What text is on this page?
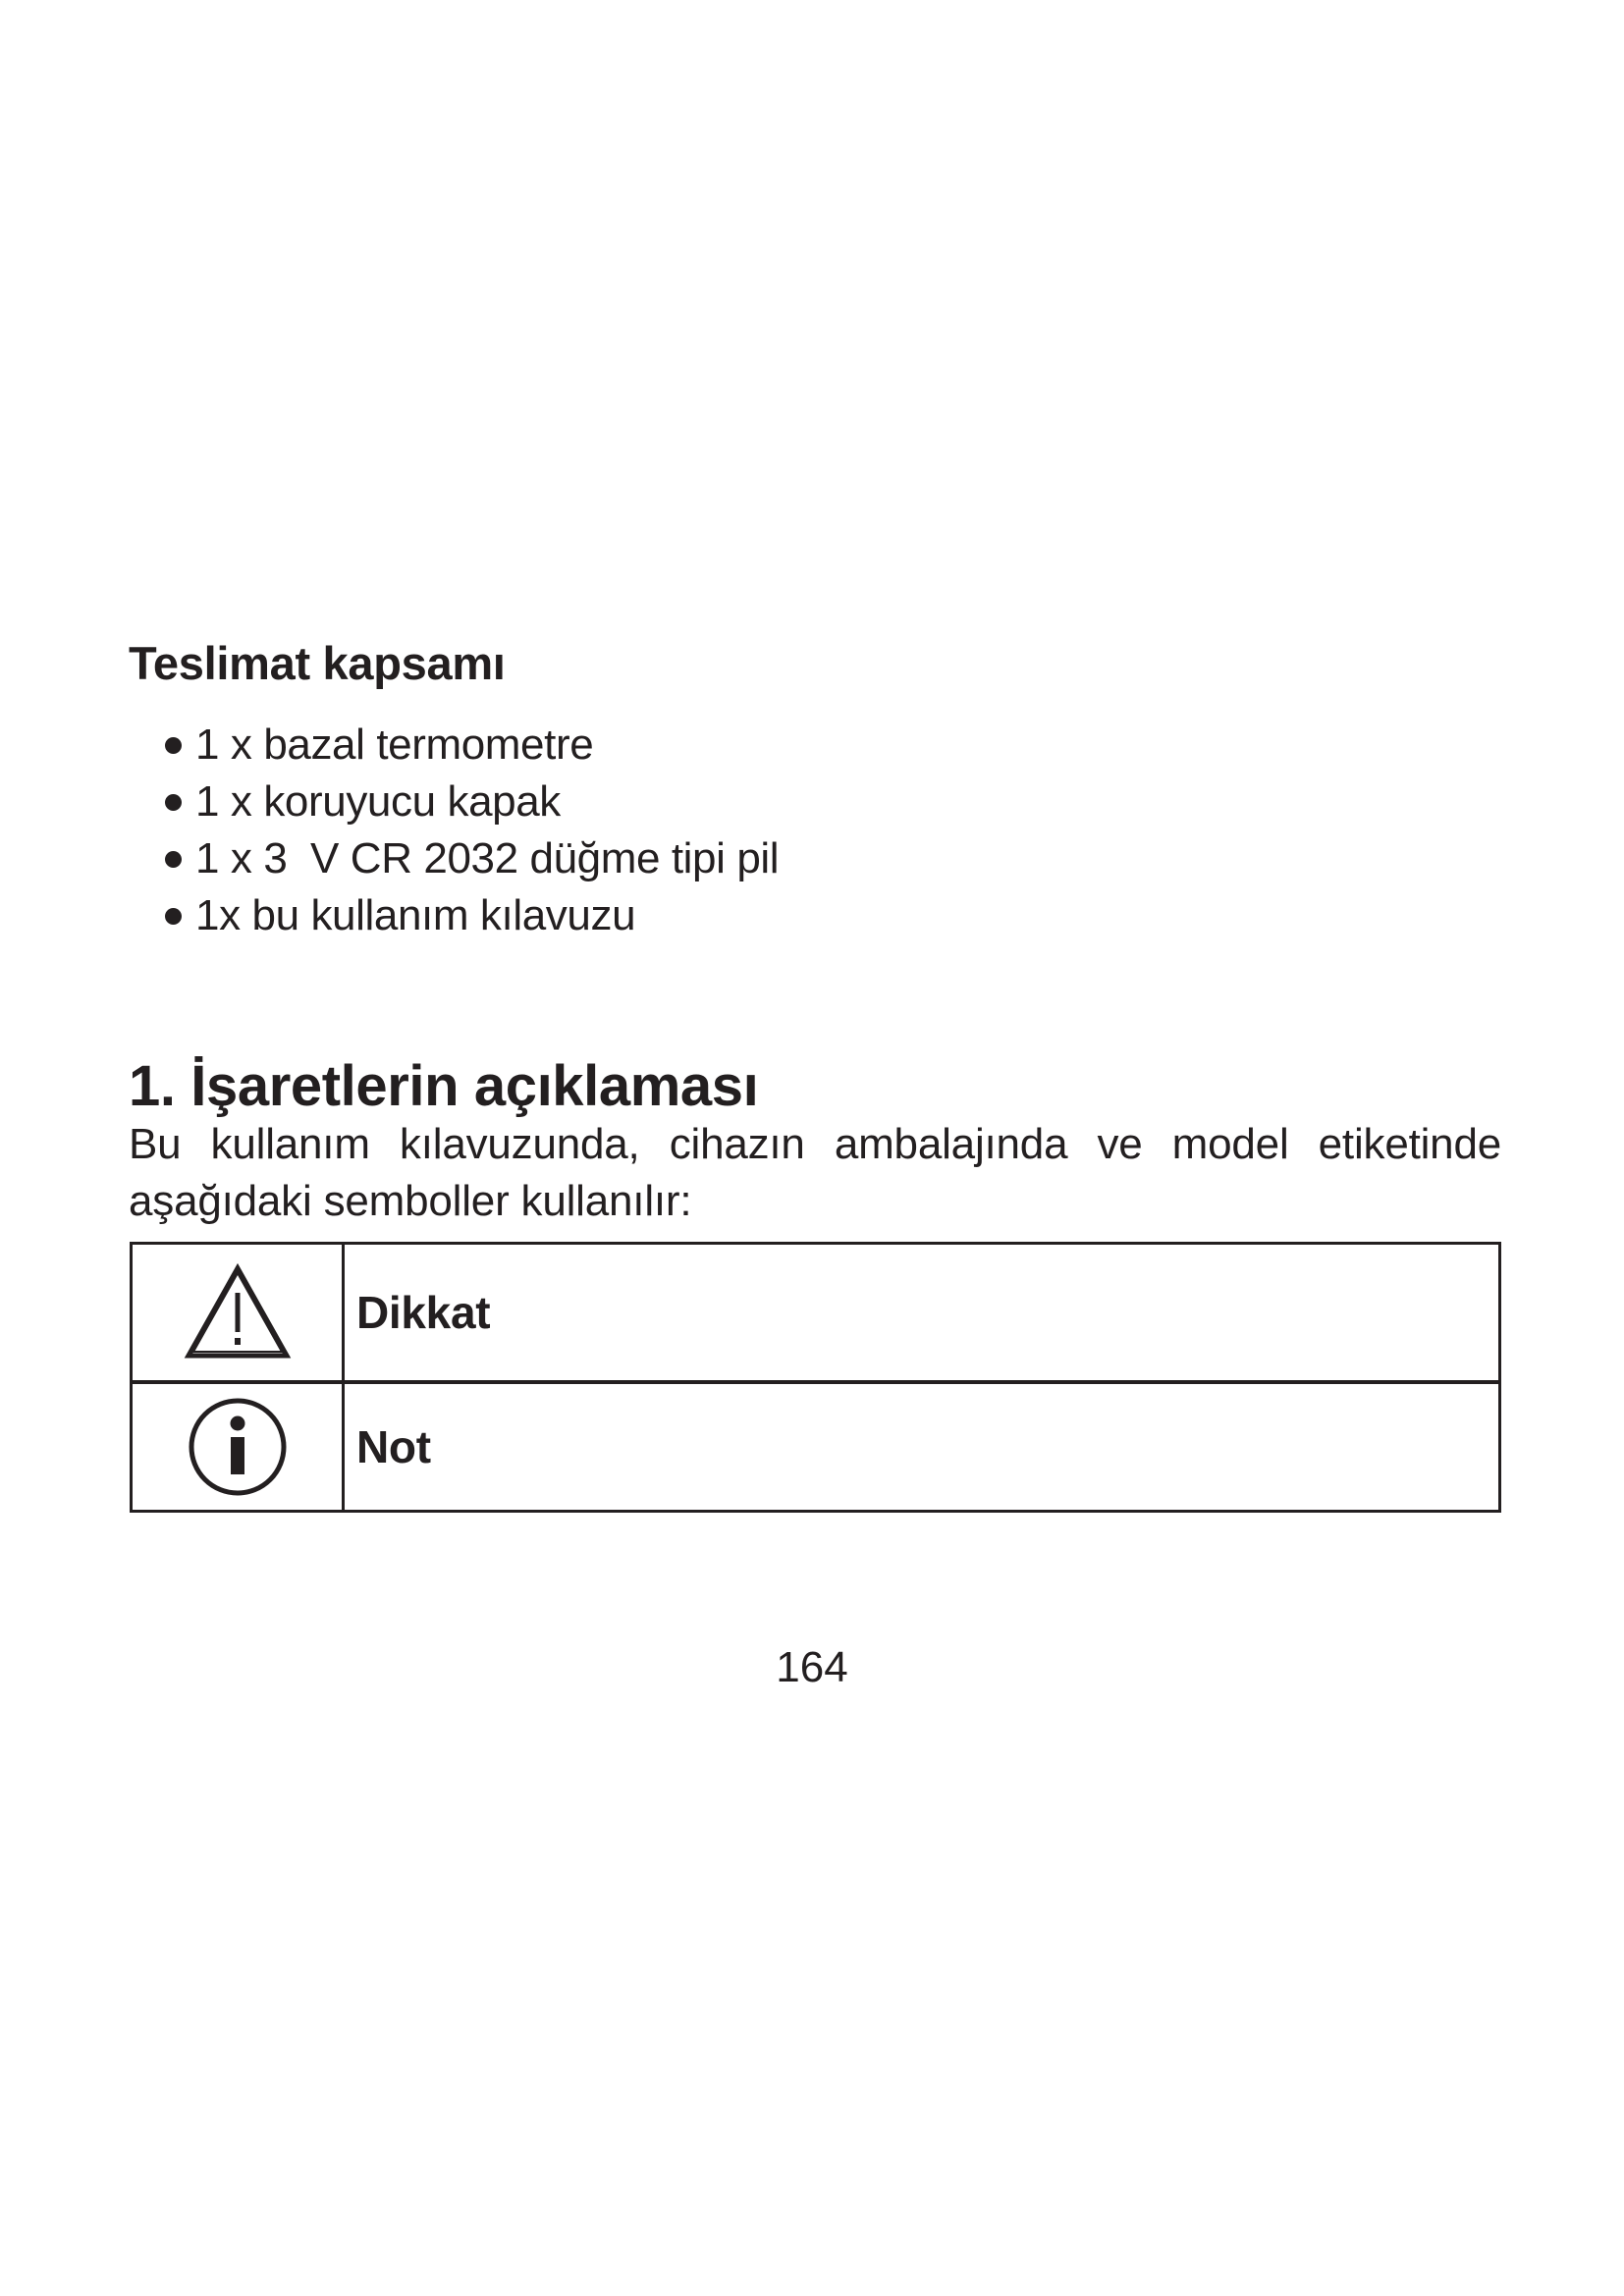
Teslimat kapsamı
1 x bazal termometre
1 x koruyucu kapak
1 x 3  V CR 2032 düğme tipi pil
1x bu kullanım kılavuzu
1. İşaretlerin açıklaması

Bu kullanım kılavuzunda, cihazın ambalajında ve model etiketinde
aşağıdaki semboller kullanılır:

Dikkat
Not
164
